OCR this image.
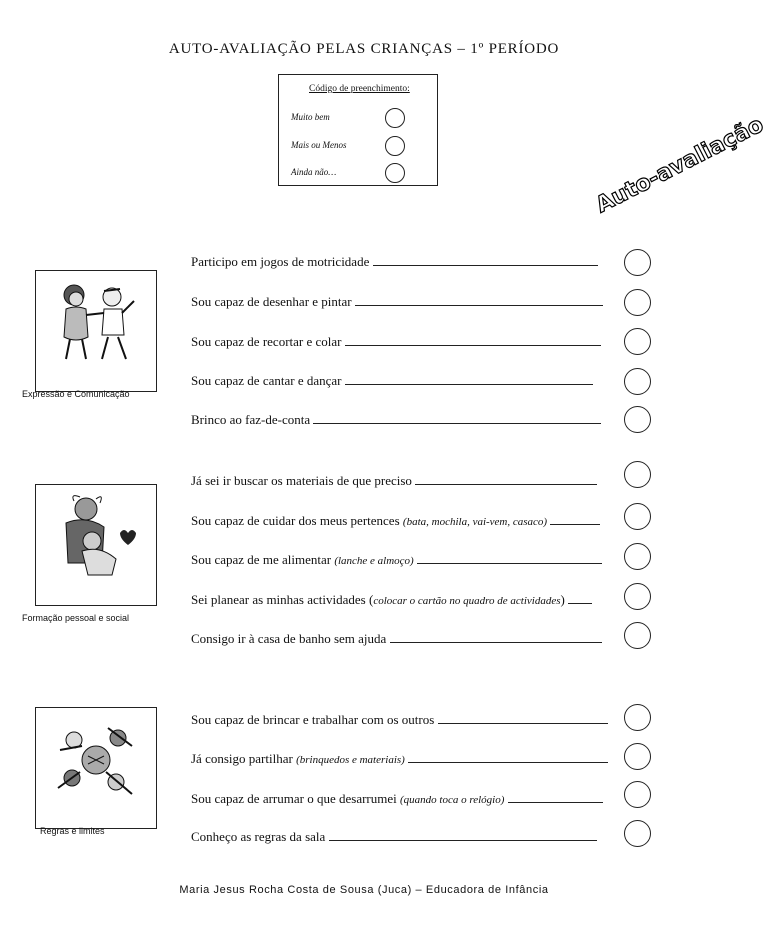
AUTO-AVALIAÇÃO PELAS CRIANÇAS – 1º PERÍODO
Código de preenchimento:
Muito bem
Mais ou Menos
Ainda não…	Auto-avaliação
Expressão e Comunicação
Formação pessoal e social
Regras e limites
Participo em jogos de motricidade
Sou capaz de desenhar e pintar
Sou capaz de recortar e colar
Sou capaz de cantar e dançar
Brinco ao faz-de-conta
Já sei ir buscar os materiais de que preciso
Sou capaz de cuidar dos meus pertences (bata, mochila, vai-vem, casaco)
Sou capaz de me alimentar (lanche e almoço)
Sei planear as minhas actividades (colocar o cartão no quadro de actividades)
Consigo ir à casa de banho sem ajuda
Sou capaz de brincar e trabalhar com os outros
Já consigo partilhar (brinquedos e materiais)
Sou capaz de arrumar o que desarrumei (quando toca o relógio)
Conheço as regras da sala
Maria Jesus Rocha Costa de Sousa (Juca) – Educadora de Infância
